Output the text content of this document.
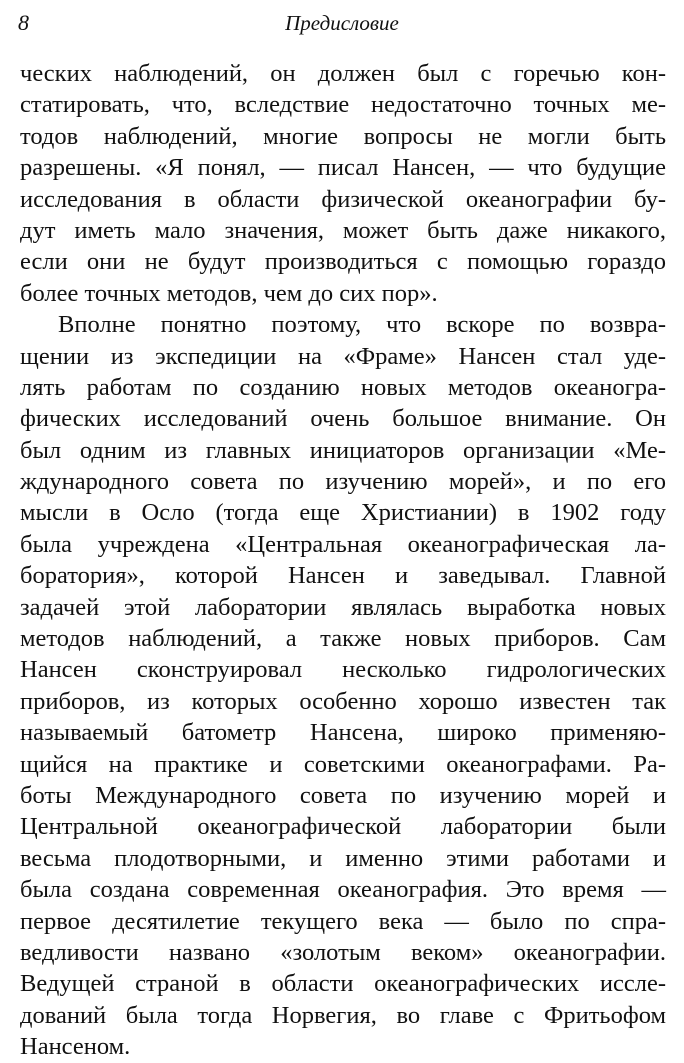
8	Предисловие
ческих наблюдений, он должен был с горечью кон-
статировать, что, вследствие недостаточно точных ме-
тодов наблюдений, многие вопросы не могли быть
разрешены. «Я понял, — писал Нансен, — что будущие
исследования в области физической океанографии бу-
дут иметь мало значения, может быть даже никакого,
если они не будут производиться с помощью гораздо
более точных методов, чем до сих пор».
Вполне понятно поэтому, что вскоре по возвра-
щении из экспедиции на «Фраме» Нансен стал уде-
лять работам по созданию новых методов океаногра-
фических исследований очень большое внимание. Он
был одним из главных инициаторов организации «Ме-
ждународного совета по изучению морей», и по его
мысли в Осло (тогда еще Христиании) в 1902 году
была учреждена «Центральная океанографическая ла-
боратория», которой Нансен и заведывал. Главной
задачей этой лаборатории являлась выработка новых
методов наблюдений, а также новых приборов. Сам
Нансен сконструировал несколько гидрологических
приборов, из которых особенно хорошо известен так
называемый батометр Нансена, широко применяю-
щийся на практике и советскими океанографами. Ра-
боты Международного совета по изучению морей и
Центральной океанографической лаборатории были
весьма плодотворными, и именно этими работами и
была создана современная океанография. Это время —
первое десятилетие текущего века — было по спра-
ведливости названо «золотым веком» океанографии.
Ведущей страной в области океанографических иссле-
дований была тогда Норвегия, во главе с Фритьофом
Нансеном.
